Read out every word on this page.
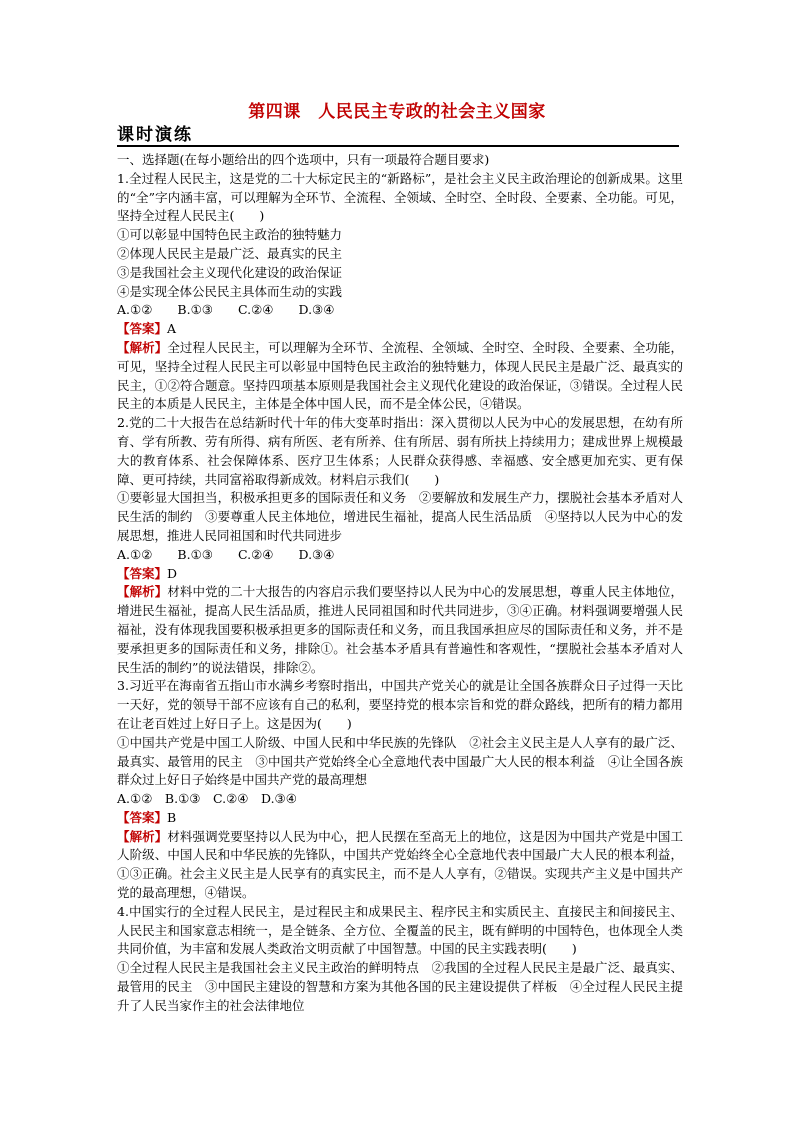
第四课　人民民主专政的社会主义国家
课时演练

一、选择题(在每小题给出的四个选项中，只有一项最符合题目要求)

1.全过程人民民主，这是党的二十大标定民主的“新路标”，是社会主义民主政治理论的创新成果。这里的“全”字内涵丰富，可以理解为全环节、全流程、全领域、全时空、全时段、全要素、全功能。可见，坚持全过程人民民主(　　)

①可以彰显中国特色民主政治的独特魅力

②体现人民民主是最广泛、最真实的民主

③是我国社会主义现代化建设的政治保证

④是实现全体公民民主具体而生动的实践

A.①②　　B.①③　　C.②④　　D.③④

【答案】A

【解析】全过程人民民主，可以理解为全环节、全流程、全领域、全时空、全时段、全要素、全功能，可见，坚持全过程人民民主可以彰显中国特色民主政治的独特魅力，体现人民民主是最广泛、最真实的民主，①②符合题意。坚持四项基本原则是我国社会主义现代化建设的政治保证，③错误。全过程人民民主的本质是人民民主，主体是全体中国人民，而不是全体公民，④错误。

2.党的二十大报告在总结新时代十年的伟大变革时指出：深入贯彻以人民为中心的发展思想，在幼有所育、学有所教、劳有所得、病有所医、老有所养、住有所居、弱有所扶上持续用力；建成世界上规模最大的教育体系、社会保障体系、医疗卫生体系；人民群众获得感、幸福感、安全感更加充实、更有保障、更可持续，共同富裕取得新成效。材料启示我们(　　)

①要彰显大国担当，积极承担更多的国际责任和义务　②要解放和发展生产力，摆脱社会基本矛盾对人民生活的制约　③要尊重人民主体地位，增进民生福祉，提高人民生活品质　④坚持以人民为中心的发展思想，推进人民同祖国和时代共同进步

A.①②　　B.①③　　C.②④　　D.③④

【答案】D

【解析】材料中党的二十大报告的内容启示我们要坚持以人民为中心的发展思想，尊重人民主体地位，增进民生福祉，提高人民生活品质，推进人民同祖国和时代共同进步，③④正确。材料强调要增强人民福祉，没有体现我国要积极承担更多的国际责任和义务，而且我国承担应尽的国际责任和义务，并不是要承担更多的国际责任和义务，排除①。社会基本矛盾具有普遍性和客观性，“摆脱社会基本矛盾对人民生活的制约”的说法错误，排除②。

3.习近平在海南省五指山市水满乡考察时指出，中国共产党关心的就是让全国各族群众日子过得一天比一天好，党的领导干部不应该有自己的私利，要坚持党的根本宗旨和党的群众路线，把所有的精力都用在让老百姓过上好日子上。这是因为(　　)

①中国共产党是中国工人阶级、中国人民和中华民族的先锋队　②社会主义民主是人人享有的最广泛、最真实、最管用的民主　③中国共产党始终全心全意地代表中国最广大人民的根本利益　④让全国各族群众过上好日子始终是中国共产党的最高理想

A.①②　B.①③　C.②④　D.③④

【答案】B

【解析】材料强调党要坚持以人民为中心，把人民摆在至高无上的地位，这是因为中国共产党是中国工人阶级、中国人民和中华民族的先锋队，中国共产党始终全心全意地代表中国最广大人民的根本利益，①③正确。社会主义民主是人民享有的真实民主，而不是人人享有，②错误。实现共产主义是中国共产党的最高理想，④错误。

4.中国实行的全过程人民民主，是过程民主和成果民主、程序民主和实质民主、直接民主和间接民主、人民民主和国家意志相统一，是全链条、全方位、全覆盖的民主，既有鲜明的中国特色，也体现全人类共同价值，为丰富和发展人类政治文明贡献了中国智慧。中国的民主实践表明(　　)

①全过程人民民主是我国社会主义民主政治的鲜明特点　②我国的全过程人民民主是最广泛、最真实、最管用的民主　③中国民主建设的智慧和方案为其他各国的民主建设提供了样板　④全过程人民民主提升了人民当家作主的社会法律地位
